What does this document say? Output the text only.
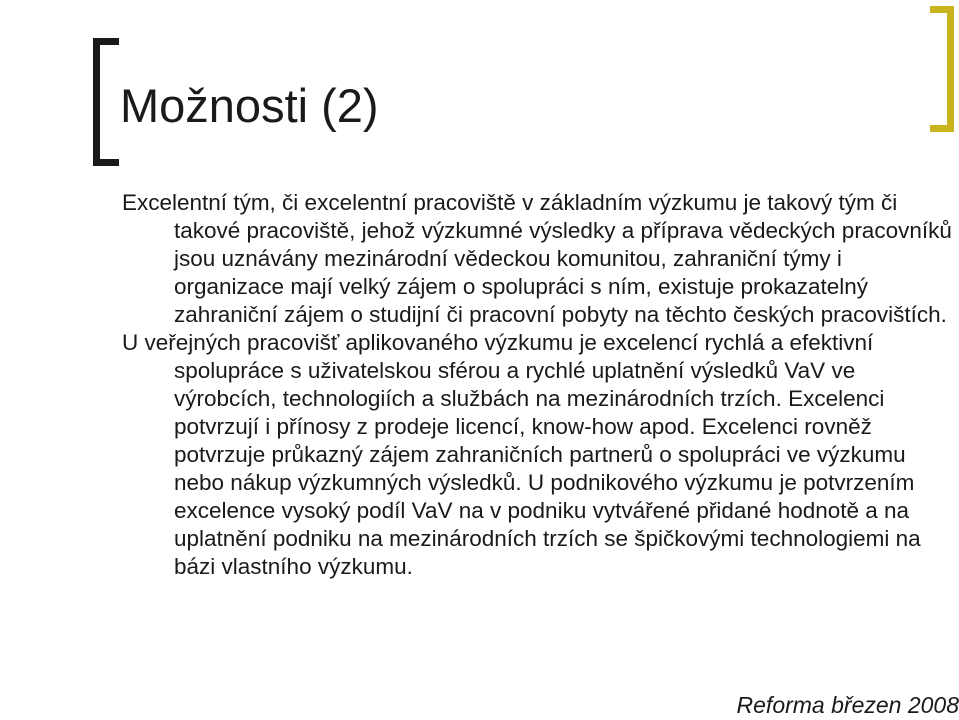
Možnosti (2)

Excelentní tým, či excelentní pracoviště v základním výzkumu je takový tým či takové pracoviště, jehož výzkumné výsledky a příprava vědeckých pracovníků jsou uznávány mezinárodní vědeckou komunitou, zahraniční týmy i organizace mají velký zájem o spolupráci s ním, existuje prokazatelný zahraniční zájem o studijní či pracovní pobyty na těchto českých pracovištích.

U veřejných pracovišť aplikovaného výzkumu je excelencí rychlá a efektivní spolupráce s uživatelskou sférou a rychlé uplatnění výsledků VaV ve výrobcích, technologiích a službách na mezinárodních trzích. Excelenci potvrzují i přínosy z prodeje licencí, know-how apod. Excelenci rovněž potvrzuje průkazný zájem zahraničních partnerů o spolupráci ve výzkumu nebo nákup výzkumných výsledků. U podnikového výzkumu je potvrzením excelence vysoký podíl VaV na v podniku vytvářené přidané hodnotě a na uplatnění podniku na mezinárodních trzích se špičkovými technologiemi na bázi vlastního výzkumu.

Reforma březen 2008
